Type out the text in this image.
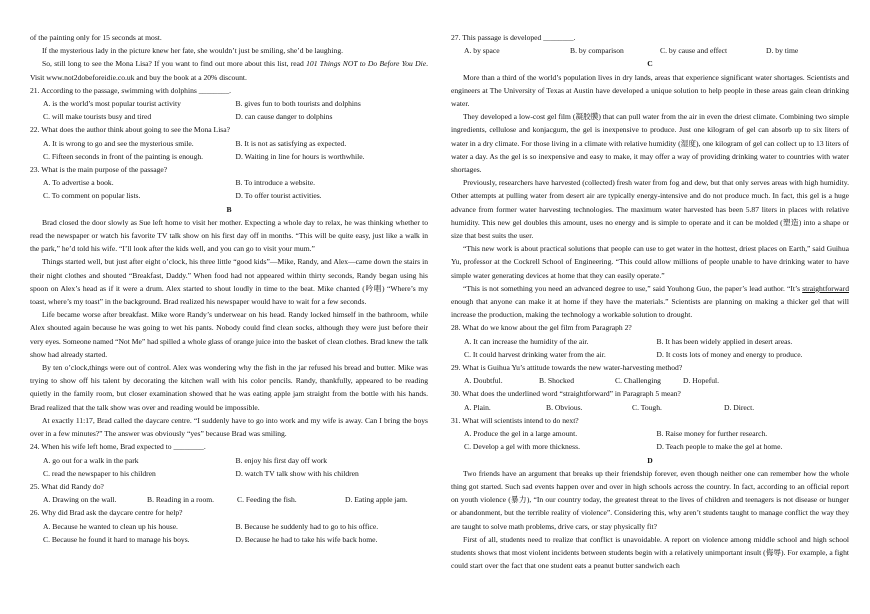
of the painting only for 15 seconds at most.

If the mysterious lady in the picture knew her fate, she wouldn’t just be smiling, she’d be laughing.

So, still long to see the Mona Lisa? If you want to find out more about this list, read 101 Things NOT to Do Before You Die. Visit www.not2dobeforeidie.co.uk and buy the book at a 20% discount.

21. According to the passage, swimming with dolphins ________.

A. is the world’s most popular tourist activity	B. gives fun to both tourists and dolphins
C. will make tourists busy and tired	D. can cause danger to dolphins

22. What does the author think about going to see the Mona Lisa?

A. It is wrong to go and see the mysterious smile.	B. It is not as satisfying as expected.
C. Fifteen seconds in front of the painting is enough.	D. Waiting in line for hours is worthwhile.

23. What is the main purpose of the passage?

A. To advertise a book.	B. To introduce a website.
C. To comment on popular lists.	D. To offer tourist activities.

B

Brad closed the door slowly as Sue left home to visit her mother. Expecting a whole day to relax, he was thinking whether to read the newspaper or watch his favorite TV talk show on his first day off in months. “This will be quite easy, just like a walk in the park,” he’d told his wife. “I’ll look after the kids well, and you can go to visit your mum.”

Things started well, but just after eight o’clock, his three little “good kids”—Mike, Randy, and Alex—came down the stairs in their night clothes and shouted “Breakfast, Daddy.” When food had not appeared within thirty seconds, Randy began using his spoon on Alex’s head as if it were a drum. Alex started to shout loudly in time to the beat. Mike chanted (吟唱) “Where’s my toast, where’s my toast” in the background. Brad realized his newspaper would have to wait for a few seconds.

Life became worse after breakfast. Mike wore Randy’s underwear on his head. Randy locked himself in the bathroom, while Alex shouted again because he was going to wet his pants. Nobody could find clean socks, although they were just before their very eyes. Someone named “Not Me” had spilled a whole glass of orange juice into the basket of clean clothes. Brad knew the talk show had already started.

By ten o’clock,things were out of control. Alex was wondering why the fish in the jar refused his bread and butter. Mike was trying to show off his talent by decorating the kitchen wall with his color pencils. Randy, thankfully, appeared to be reading quietly in the family room, but closer examination showed that he was eating apple jam straight from the bottle with his hands. Brad realized that the talk show was over and reading would be impossible.

At exactly 11:17, Brad called the daycare centre. “I suddenly have to go into work and my wife is away. Can I bring the boys over in a few minutes?” The answer was obviously “yes” because Brad was smiling.

24. When his wife left home, Brad expected to ________.

A. go out for a walk in the park	B. enjoy his first day off work
C. read the newspaper to his children	D. watch TV talk show with his children

25. What did Randy do?

A. Drawing on the wall.	B. Reading in a room.	C. Feeding the fish.	D. Eating apple jam.

26. Why did Brad ask the daycare centre for help?

A. Because he wanted to clean up his house.	B. Because he suddenly had to go to his office.
C. Because he found it hard to manage his boys.	D. Because he had to take his wife back home.

27. This passage is developed ________.

A. by space	B. by comparison	C. by cause and effect	D. by time

C

More than a third of the world’s population lives in dry lands, areas that experience significant water shortages. Scientists and engineers at The University of Texas at Austin have developed a unique solution to help people in these areas gain clean drinking water.

They developed a low-cost gel film (凝胶膜) that can pull water from the air in even the driest climate. Combining two simple ingredients, cellulose and konjacgum, the gel is inexpensive to produce. Just one kilogram of gel can absorb up to six liters of water in a dry climate. For those living in a climate with relative humidity (湿度), one kilogram of gel can collect up to 13 liters of water a day. As the gel is so inexpensive and easy to make, it may offer a way of providing drinking water to countries with water shortages.

Previously, researchers have harvested (collected) fresh water from fog and dew, but that only serves areas with high humidity. Other attempts at pulling water from desert air are typically energy-intensive and do not produce much. In fact, this gel is a huge advance from former water harvesting technologies. The maximum water harvested has been 5.87 liters in places with relative humidity. This new gel doubles this amount, uses no energy and is simple to operate and it can be molded (塑造) into a shape or size that best suits the user.

“This new work is about practical solutions that people can use to get water in the hottest, driest places on Earth,” said Guihua Yu, professor at the Cockrell School of Engineering. “This could allow millions of people unable to have drinking water to have simple water generating devices at home that they can easily operate.”

“This is not something you need an advanced degree to use,” said Youhong Guo, the paper’s lead author. “It’s straightforward enough that anyone can make it at home if they have the materials.” Scientists are planning on making a thicker gel that will increase the production, making the technology a workable solution to drought.

28. What do we know about the gel film from Paragraph 2?

A. It can increase the humidity of the air.	B. It has been widely applied in desert areas.
C. It could harvest drinking water from the air.	D. It costs lots of money and energy to produce.

29. What is Guihua Yu’s attitude towards the new water-harvesting method?

A. Doubtful.	B. Shocked	C. Challenging	D. Hopeful.

30. What does the underlined word “straightforward” in Paragraph 5 mean?

A. Plain.	B. Obvious.	C. Tough.	D. Direct.

31. What will scientists intend to do next?

A. Produce the gel in a large amount.	B. Raise money for further research.
C. Develop a gel with more thickness.	D. Teach people to make the gel at home.

D

Two friends have an argument that breaks up their friendship forever, even though neither one can remember how the whole thing got started. Such sad events happen over and over in high schools across the country. In fact, according to an official report on youth violence (暴力), “In our country today, the greatest threat to the lives of children and teenagers is not disease or hunger or abandonment, but the terrible reality of violence”. Considering this, why aren’t students taught to manage conflict the way they are taught to solve math problems, drive cars, or stay physically fit?

First of all, students need to realize that conflict is unavoidable. A report on violence among middle school and high school students shows that most violent incidents between students begin with a relatively unimportant insult (侮辱). For example, a fight could start over the fact that one student eats a peanut butter sandwich each
